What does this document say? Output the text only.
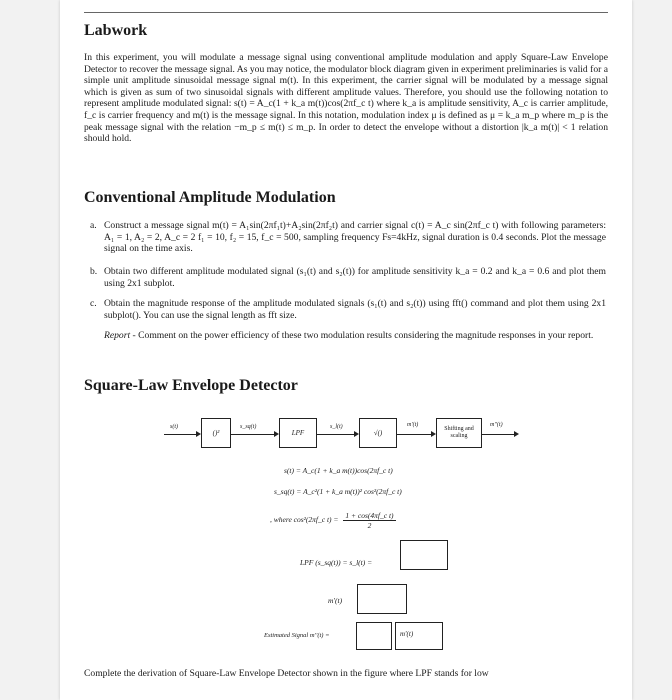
Labwork

In this experiment, you will modulate a message signal using conventional amplitude modulation and apply Square-Law Envelope Detector to recover the message signal. As you may notice, the modulator block diagram given in experiment preliminaries is valid for a simple unit amplitude sinusoidal message signal m(t). In this experiment, the carrier signal will be modulated by a message signal which is given as sum of two sinusoidal signals with different amplitude values. Therefore, you should use the following notation to represent amplitude modulated signal: s(t) = A_c(1 + k_a m(t))cos(2πf_c t) where k_a is amplitude sensitivity, A_c is carrier amplitude, f_c is carrier frequency and m(t) is the message signal. In this notation, modulation index μ is defined as μ = k_a m_p where m_p is the peak message signal with the relation −m_p ≤ m(t) ≤ m_p. In order to detect the envelope without a distortion |k_a m(t)| < 1 relation should hold.

Conventional Amplitude Modulation
a. Construct a message signal m(t) = A₁sin(2πf₁t)+A₂sin(2πf₂t) and carrier signal c(t) = A_c sin(2πf_c t) with following parameters: A₁ = 1, A₂ = 2, A_c = 2 f₁ = 10, f₂ = 15, f_c = 500, sampling frequency Fs=4kHz, signal duration is 0.4 seconds. Plot the message signal on the time axis.
b. Obtain two different amplitude modulated signal (s₁(t) and s₂(t)) for amplitude sensitivity k_a = 0.2 and k_a = 0.6 and plot them using 2x1 subplot.
c. Obtain the magnitude response of the amplitude modulated signals (s₁(t) and s₂(t)) using fft() command and plot them using 2x1 subplot(). You can use the signal length as fft size.
Report - Comment on the power efficiency of these two modulation results considering the magnitude responses in your report.
Square-Law Envelope Detector
s(t)
()²
s_sq(t)
LPF
s_l(t)
√()
m'(t)
Shifting and scaling
m''(t)
s(t) = A_c(1 + k_a m(t))cos(2πf_c t)
s_sq(t) = A_c²(1 + k_a m(t))² cos²(2πf_c t)
, where cos²(2πf_c $t) = \frac{\text{1 + cos(4πf\_c t)}}{2}$
LPF (s_sq(t)) = s_l(t) =
m'(t)
Estimated Signal m''(t) =	m'(t)
Complete the derivation of Square-Law Envelope Detector shown in the figure where LPF stands for low
